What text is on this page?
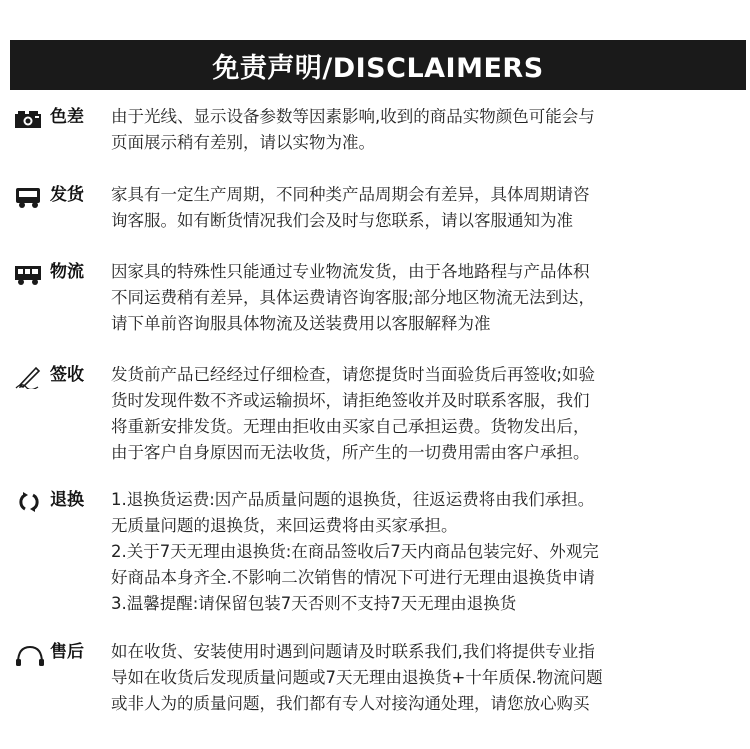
免责声明/DISCLAIMERS
色差	由于光线、显示设备参数等因素影响,收到的商品实物颜色可能会与
页面展示稍有差别，请以实物为准。
发货	家具有一定生产周期，不同种类产品周期会有差异，具体周期请咨
询客服。如有断货情况我们会及时与您联系，请以客服通知为准
物流	因家具的特殊性只能通过专业物流发货，由于各地路程与产品体积
不同运费稍有差异，具体运费请咨询客服;部分地区物流无法到达，
请下单前咨询服具体物流及送装费用以客服解释为准
签收	发货前产品已经经过仔细检查，请您提货时当面验货后再签收;如验
货时发现件数不齐或运输损坏，请拒绝签收并及时联系客服，我们
将重新安排发货。无理由拒收由买家自己承担运费。货物发出后，
由于客户自身原因而无法收货，所产生的一切费用需由客户承担。
退换	1.退换货运费:因产品质量问题的退换货，往返运费将由我们承担。
无质量问题的退换货，来回运费将由买家承担。
2.关于7天无理由退换货:在商品签收后7天内商品包装完好、外观完
好商品本身齐全.不影响二次销售的情况下可进行无理由退换货申请
3.温馨提醒:请保留包装7天否则不支持7天无理由退换货
售后	如在收货、安装使用时遇到问题请及时联系我们,我们将提供专业指
导如在收货后发现质量问题或7天无理由退换货+十年质保.物流问题
或非人为的质量问题，我们都有专人对接沟通处理，请您放心购买
